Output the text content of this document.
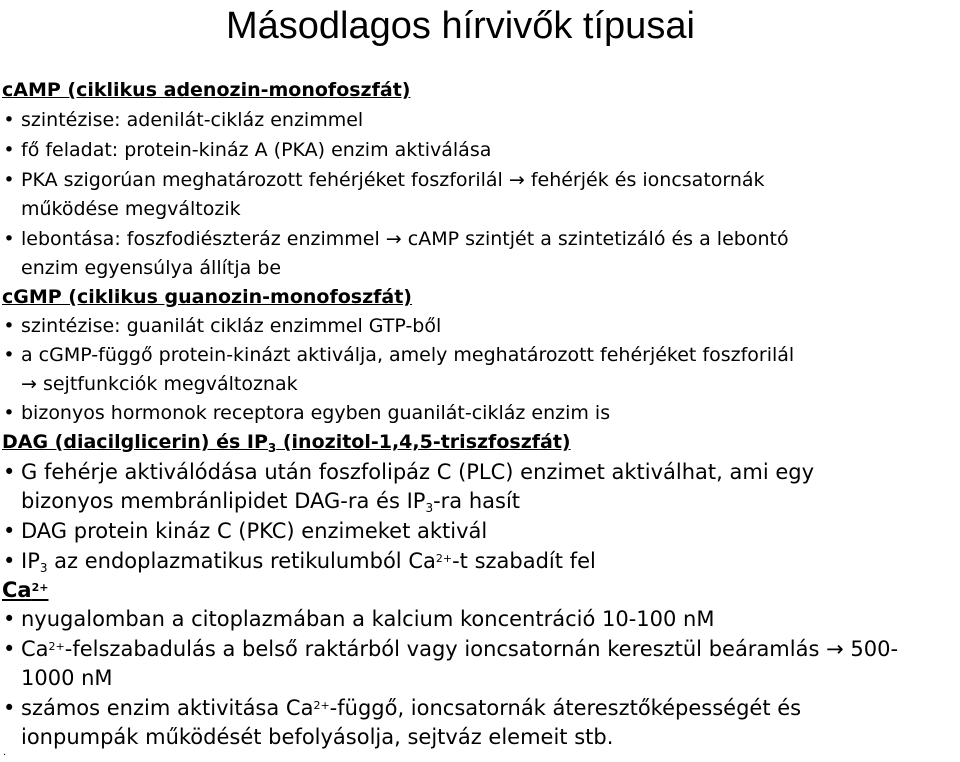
Másodlagos hírvivők típusai
cAMP (ciklikus adenozin-monofoszfát)
• szintézise: adenilát-cikláz enzimmel
• fő feladat: protein-kináz A (PKA) enzim aktiválása
• PKA szigorúan meghatározott fehérjéket foszforilál → fehérjék és ioncsatornák
működése megváltozik
• lebontása: foszfodiészteráz enzimmel → cAMP szintjét a szintetizáló és a lebontó
enzim egyensúlya állítja be
cGMP (ciklikus guanozin-monofoszfát)
• szintézise: guanilát cikláz enzimmel GTP-ből
• a cGMP-függő protein-kinázt aktiválja, amely meghatározott fehérjéket foszforilál
→ sejtfunkciók megváltoznak
• bizonyos hormonok receptora egyben guanilát-cikláz enzim is
DAG (diacilglicerin) és $IP_3$ (inozitol-1,4,5-triszfoszfát)
• G fehérje aktiválódása után foszfolipáz C (PLC) enzimet aktiválhat, ami egy
bizonyos membránlipidet DAG-ra és $IP_3-ra$ hasít
• DAG protein kináz C (PKC) enzimeket aktivál
• $IP_3$ az endoplazmatikus retikulumból $Ca^{2+}-t$ szabadít fel
$Ca^{2+}$
• nyugalomban a citoplazmában a kalcium koncentráció 10-100 nM
• $Ca^{2+}$-felszabadulás a belső raktárból vagy ioncsatornán keresztül beáramlás → 500-
1000 nM
• számos enzim aktivitása $Ca^{2+}$-függő, ioncsatornák áteresztőképességét és
ionpumpák működését befolyásolja, sejtváz elemeit stb.
.
